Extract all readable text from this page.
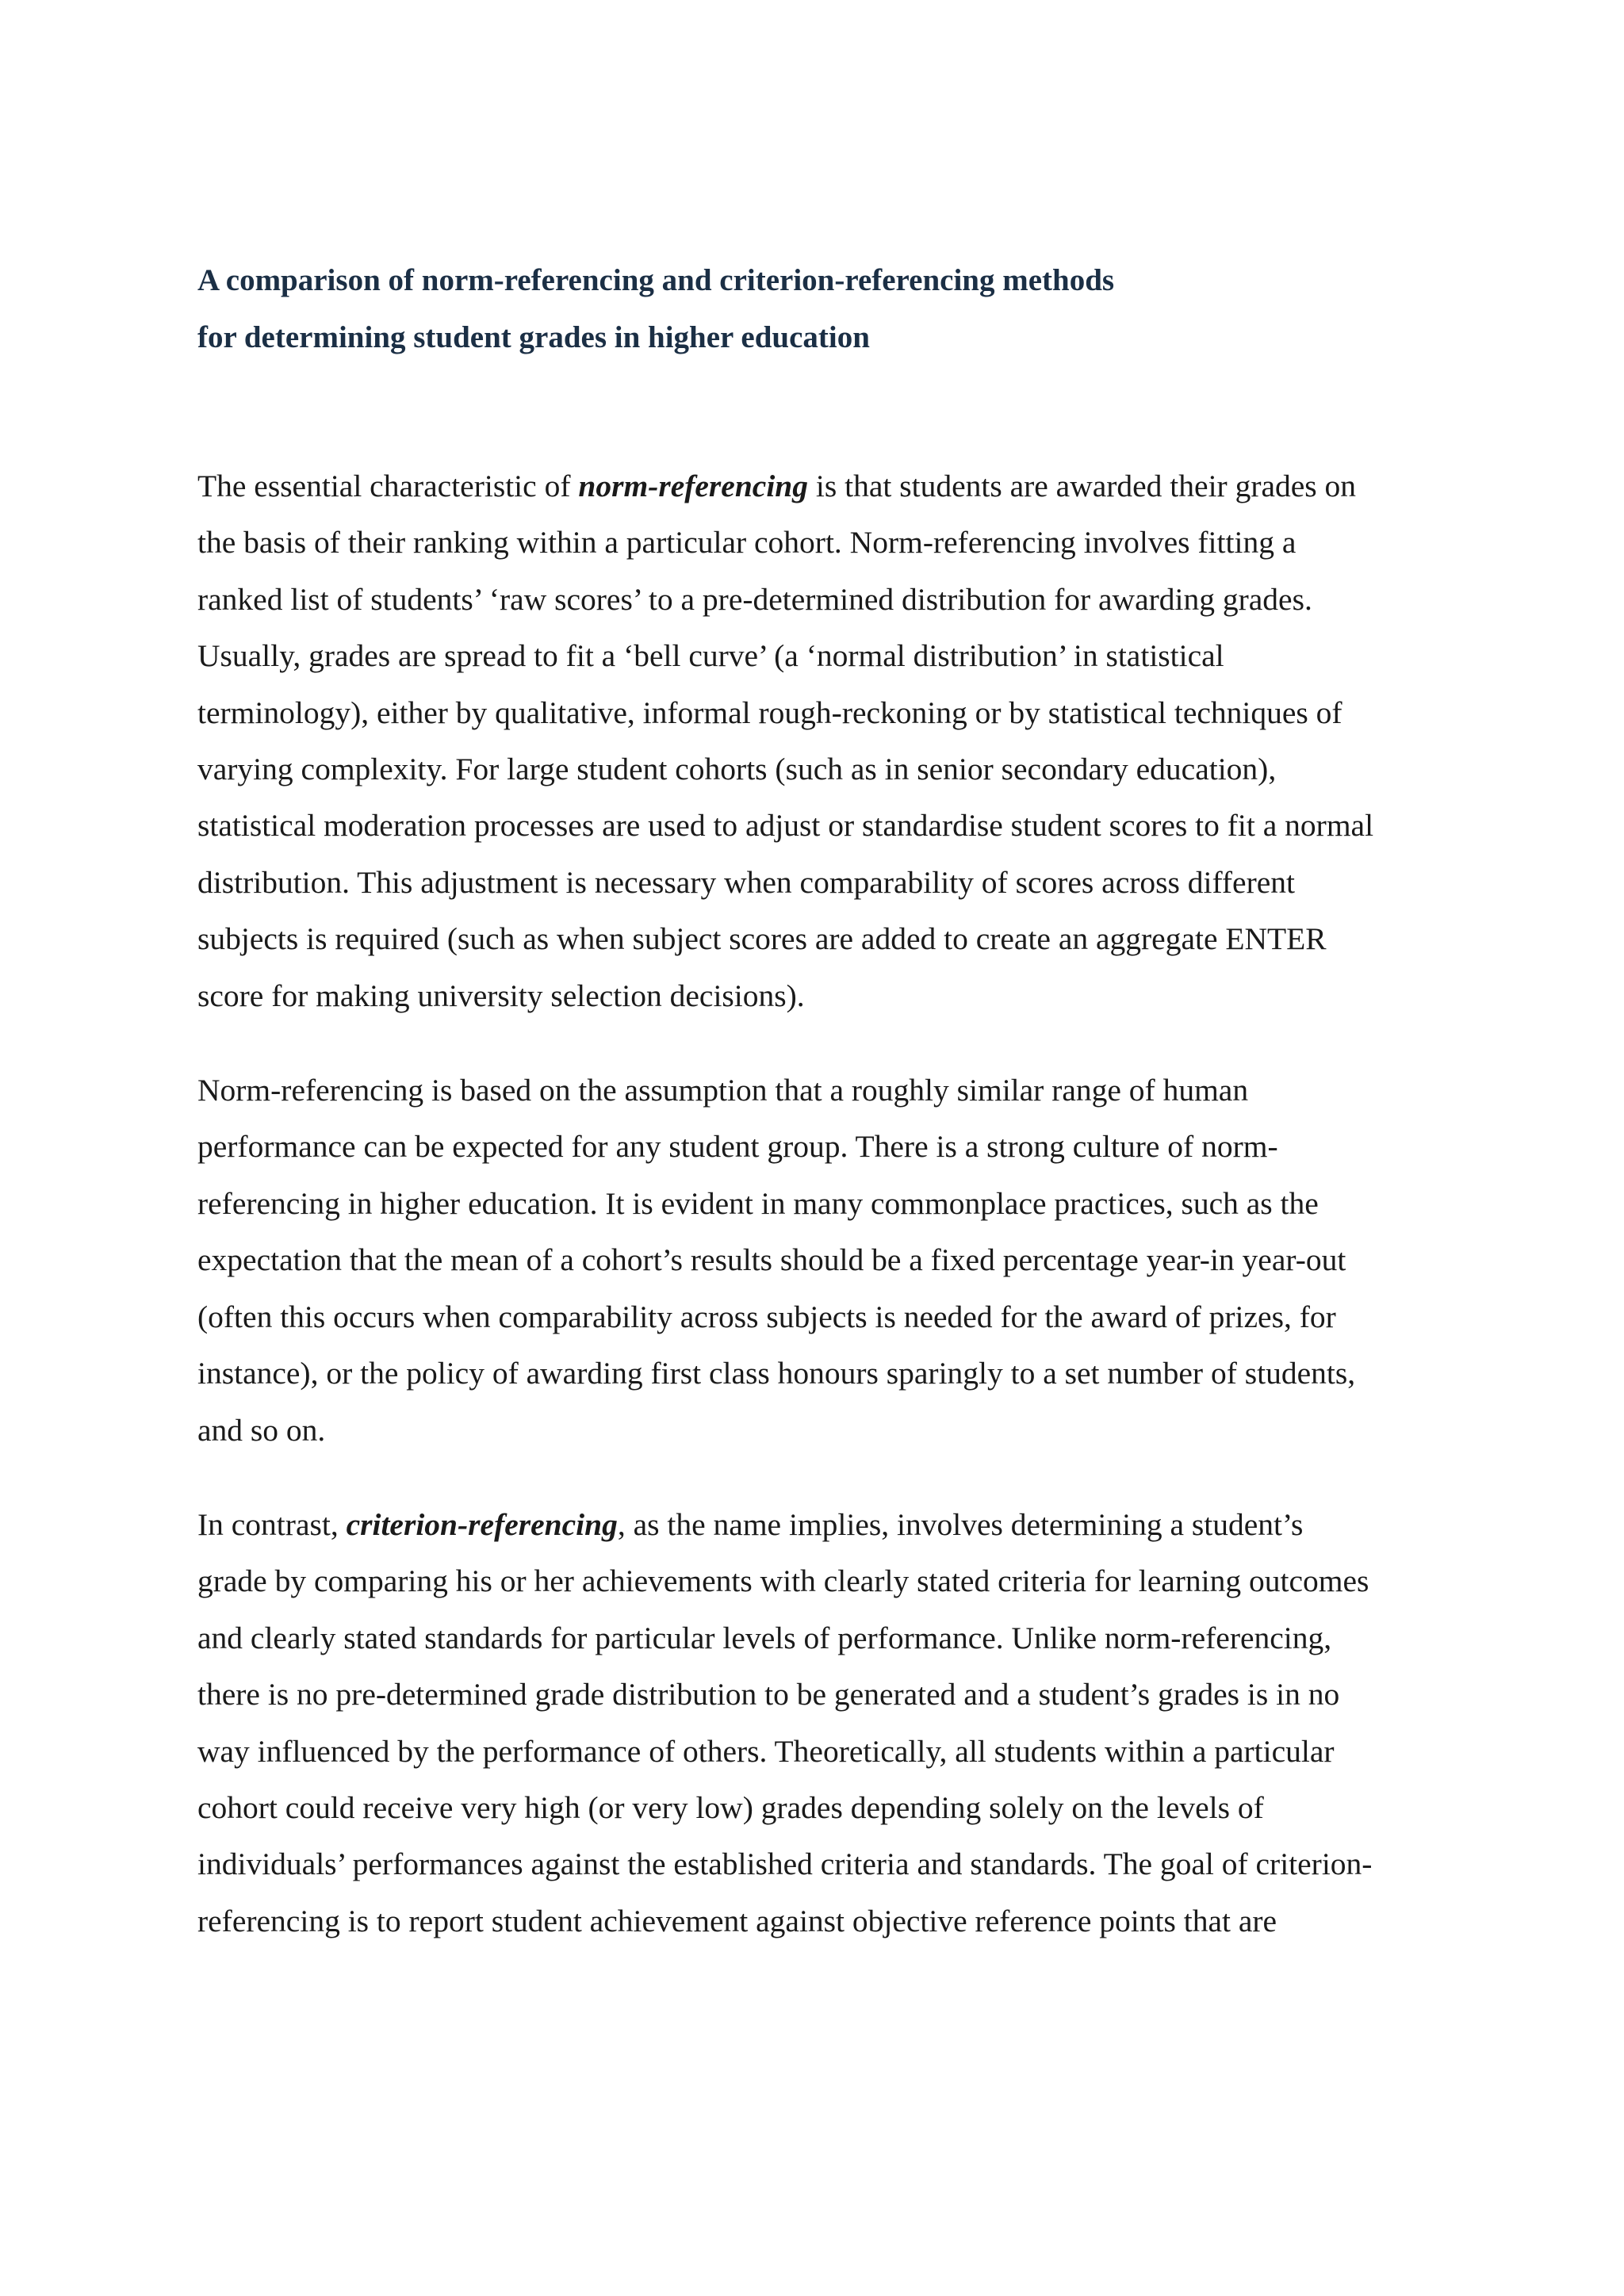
A comparison of norm-referencing and criterion-referencing methods
for determining student grades in higher education

The essential characteristic of norm-referencing is that students are awarded their grades on
the basis of their ranking within a particular cohort. Norm-referencing involves fitting a
ranked list of students’ ‘raw scores’ to a pre-determined distribution for awarding grades.
Usually, grades are spread to fit a ‘bell curve’ (a ‘normal distribution’ in statistical
terminology), either by qualitative, informal rough-reckoning or by statistical techniques of
varying complexity. For large student cohorts (such as in senior secondary education),
statistical moderation processes are used to adjust or standardise student scores to fit a normal
distribution. This adjustment is necessary when comparability of scores across different
subjects is required (such as when subject scores are added to create an aggregate ENTER
score for making university selection decisions).

Norm-referencing is based on the assumption that a roughly similar range of human
performance can be expected for any student group. There is a strong culture of norm-
referencing in higher education. It is evident in many commonplace practices, such as the
expectation that the mean of a cohort’s results should be a fixed percentage year-in year-out
(often this occurs when comparability across subjects is needed for the award of prizes, for
instance), or the policy of awarding first class honours sparingly to a set number of students,
and so on.

In contrast, criterion-referencing, as the name implies, involves determining a student’s
grade by comparing his or her achievements with clearly stated criteria for learning outcomes
and clearly stated standards for particular levels of performance. Unlike norm-referencing,
there is no pre-determined grade distribution to be generated and a student’s grades is in no
way influenced by the performance of others. Theoretically, all students within a particular
cohort could receive very high (or very low) grades depending solely on the levels of
individuals’ performances against the established criteria and standards. The goal of criterion-
referencing is to report student achievement against objective reference points that are
